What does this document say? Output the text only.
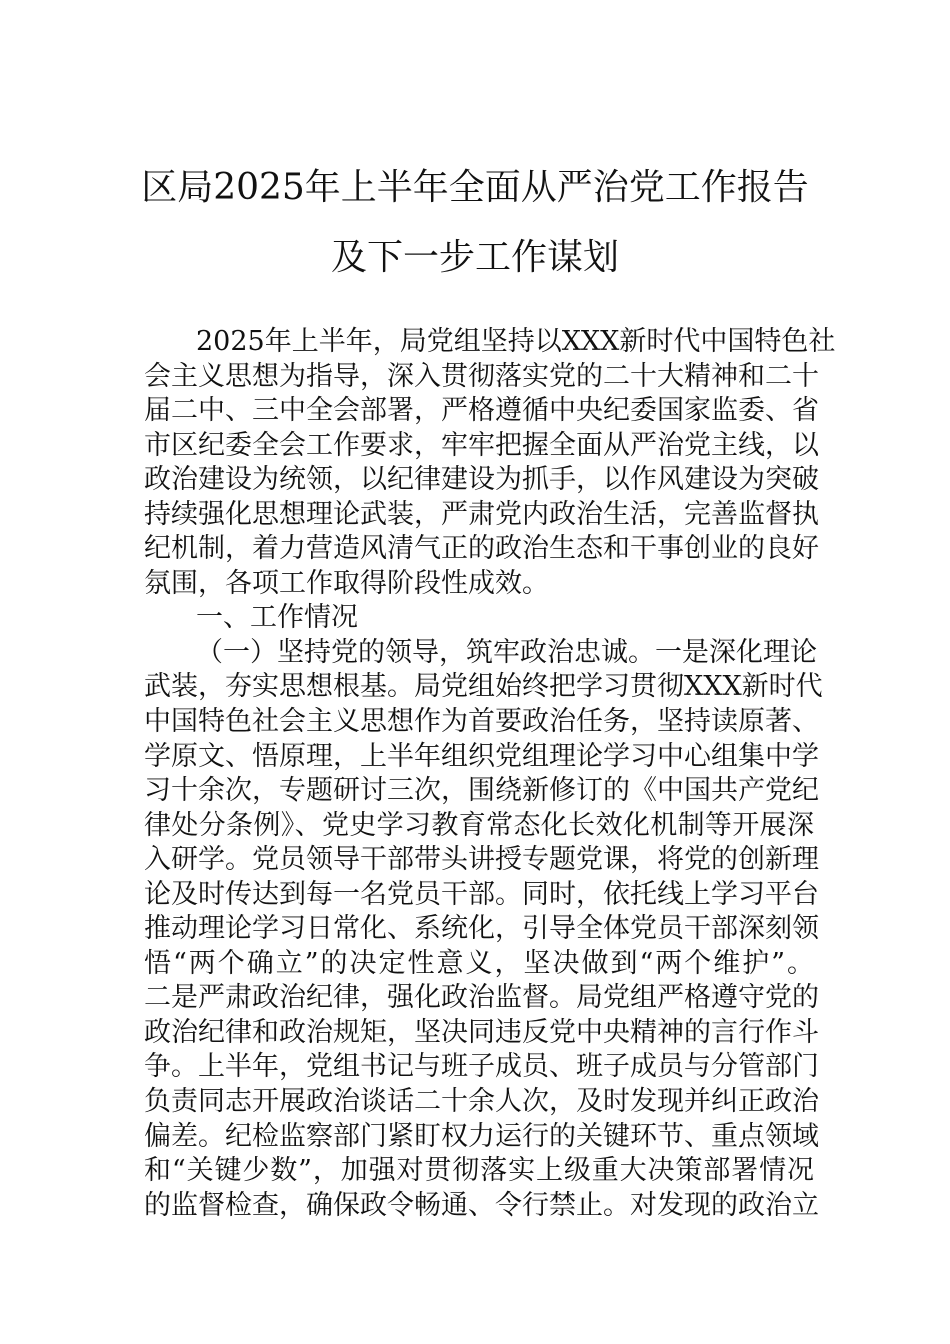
区局2025年上半年全面从严治党工作报告
及下一步工作谋划
2025年上半年，局党组坚持以XXX新时代中国特色社
会主义思想为指导，深入贯彻落实党的二十大精神和二十
届二中、三中全会部署，严格遵循中央纪委国家监委、省
市区纪委全会工作要求，牢牢把握全面从严治党主线，以
政治建设为统领，以纪律建设为抓手，以作风建设为突破
持续强化思想理论武装，严肃党内政治生活，完善监督执
纪机制，着力营造风清气正的政治生态和干事创业的良好
氛围，各项工作取得阶段性成效。
一、工作情况
（一）坚持党的领导，筑牢政治忠诚。一是深化理论
武装，夯实思想根基。局党组始终把学习贯彻XXX新时代
中国特色社会主义思想作为首要政治任务，坚持读原著、
学原文、悟原理，上半年组织党组理论学习中心组集中学
习十余次，专题研讨三次，围绕新修订的《中国共产党纪
律处分条例》、党史学习教育常态化长效化机制等开展深
入研学。党员领导干部带头讲授专题党课，将党的创新理
论及时传达到每一名党员干部。同时，依托线上学习平台
推动理论学习日常化、系统化，引导全体党员干部深刻领
悟“两个确立”的决定性意义，坚决做到“两个维护”。
二是严肃政治纪律，强化政治监督。局党组严格遵守党的
政治纪律和政治规矩，坚决同违反党中央精神的言行作斗
争。上半年，党组书记与班子成员、班子成员与分管部门
负责同志开展政治谈话二十余人次，及时发现并纠正政治
偏差。纪检监察部门紧盯权力运行的关键环节、重点领域
和“关键少数”，加强对贯彻落实上级重大决策部署情况
的监督检查，确保政令畅通、令行禁止。对发现的政治立
